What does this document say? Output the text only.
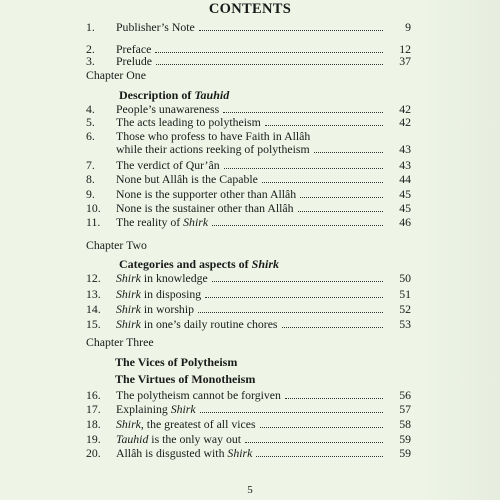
CONTENTS
1. Publisher’s Note	9
2. Preface	12
3. Prelude	37
Chapter One
Description of Tauhid
4. People’s unawareness	42
5. The acts leading to polytheism	42
6. Those who profess to have Faith in Allâh
while their actions reeking of polytheism	43
7. The verdict of Qur’ân	43
8. None but Allâh is the Capable	44
9. None is the supporter other than Allâh	45
10. None is the sustainer other than Allâh	45
11. The reality of Shirk	46
Chapter Two
Categories and aspects of Shirk
12. Shirk in knowledge	50
13. Shirk in disposing	51
14. Shirk in worship	52
15. Shirk in one’s daily routine chores	53
Chapter Three
The Vices of Polytheism
The Virtues of Monotheism
16. The polytheism cannot be forgiven	56
17. Explaining Shirk	57
18. Shirk, the greatest of all vices	58
19. Tauhid is the only way out	59
20. Allâh is disgusted with Shirk	59
5
